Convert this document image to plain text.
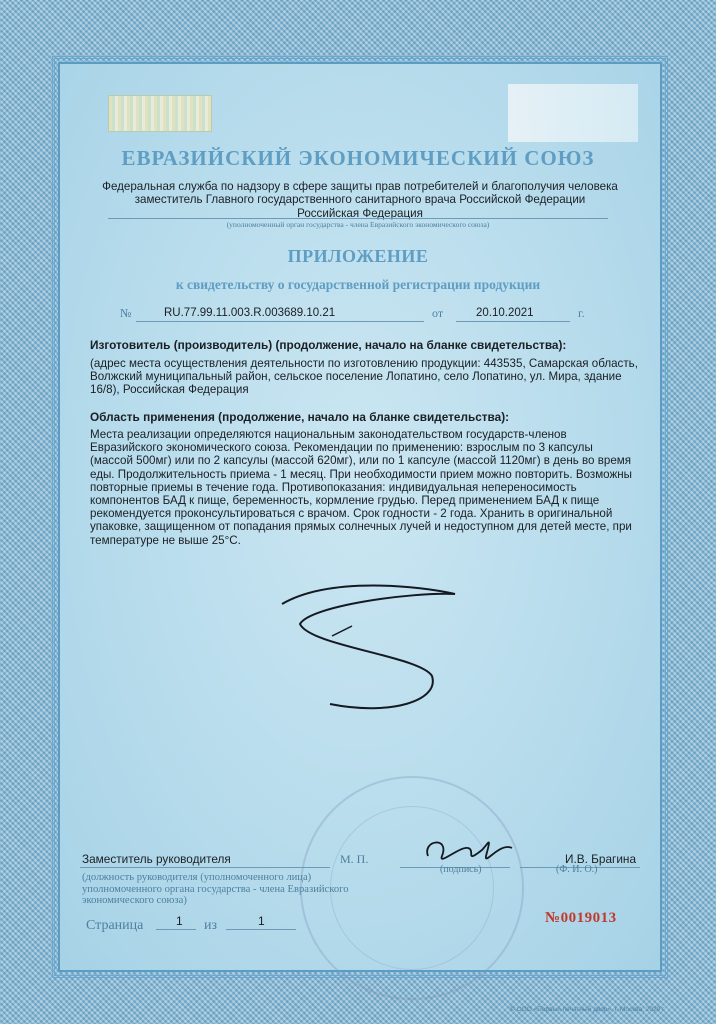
ЕВРАЗИЙСКИЙ ЭКОНОМИЧЕСКИЙ СОЮЗ
Федеральная служба по надзору в сфере защиты прав потребителей и благополучия человека
заместитель Главного государственного санитарного врача Российской Федерации
Российская Федерация
(уполномоченный орган государства - члена Евразийского экономического союза)
ПРИЛОЖЕНИЕ
к свидетельству о государственной регистрации продукции
№	RU.77.99.11.003.R.003689.10.21	от	20.10.2021	г.
Изготовитель (производитель) (продолжение, начало на бланке свидетельства):
(адрес места осуществления деятельности по изготовлению продукции: 443535, Самарская область, Волжский муниципальный район, сельское поселение Лопатино, село Лопатино, ул. Мира, здание 16/8), Российская Федерация
Область применения (продолжение, начало на бланке свидетельства):
Места реализации определяются национальным законодательством государств-членов Евразийского экономического союза. Рекомендации по применению: взрослым по 3 капсулы (массой 500мг) или по 2 капсулы (массой 620мг), или по 1 капсуле (массой 1120мг) в день во время еды. Продолжительность приема - 1 месяц. При необходимости прием можно повторить. Возможны повторные приемы в течение года. Противопоказания: индивидуальная непереносимость компонентов БАД к пище, беременность, кормление грудью. Перед применением БАД к пище рекомендуется проконсультироваться с врачом. Срок годности - 2 года. Хранить в оригинальной упаковке, защищенном от попадания прямых солнечных лучей и недоступном для детей месте, при температуре не выше 25°С.
Заместитель руководителя	М. П.
(подпись)
И.В. Брагина
(Ф. И. О.)
(должность руководителя (уполномоченного лица) уполномоченного органа государства - члена Евразийского экономического союза)
Страница	1 из	1	№0019013
© ООО «Первый печатный двор», г. Москва, 2020 г.
